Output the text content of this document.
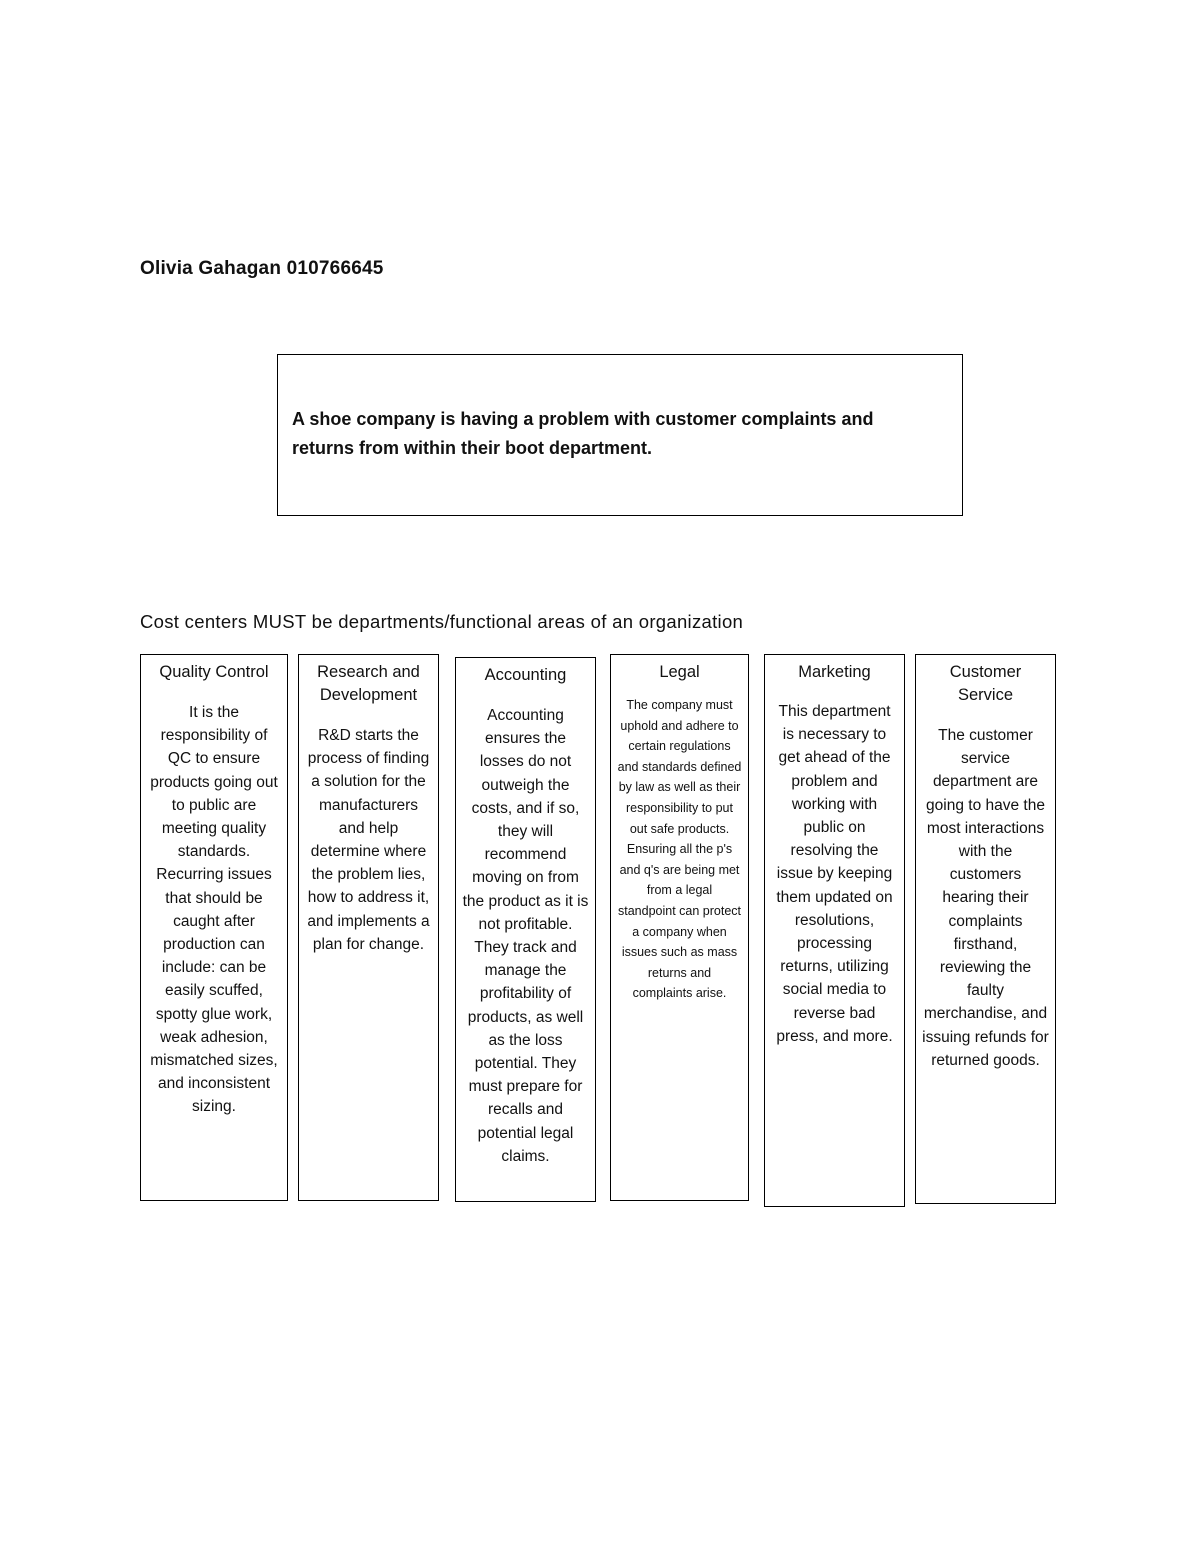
Olivia Gahagan 010766645
A shoe company is having a problem with customer complaints and returns from within their boot department.
Cost centers MUST be departments/functional areas of an organization
Quality Control
It is the responsibility of QC to ensure products going out to public are meeting quality standards. Recurring issues that should be caught after production can include: can be easily scuffed, spotty glue work, weak adhesion, mismatched sizes, and inconsistent sizing.
Research and Development
R&D starts the process of finding a solution for the manufacturers and help determine where the problem lies, how to address it, and implements a plan for change.
Accounting
Accounting ensures the losses do not outweigh the costs, and if so, they will recommend moving on from the product as it is not profitable. They track and manage the profitability of products, as well as the loss potential. They must prepare for recalls and potential legal claims.
Legal
The company must uphold and adhere to certain regulations and standards defined by law as well as their responsibility to put out safe products. Ensuring all the p's and q's are being met from a legal standpoint can protect a company when issues such as mass returns and complaints arise.
Marketing
This department is necessary to get ahead of the problem and working with public on resolving the issue by keeping them updated on resolutions, processing returns, utilizing social media to reverse bad press, and more.
Customer Service
The customer service department are going to have the most interactions with the customers hearing their complaints firsthand, reviewing the faulty merchandise, and issuing refunds for returned goods.
